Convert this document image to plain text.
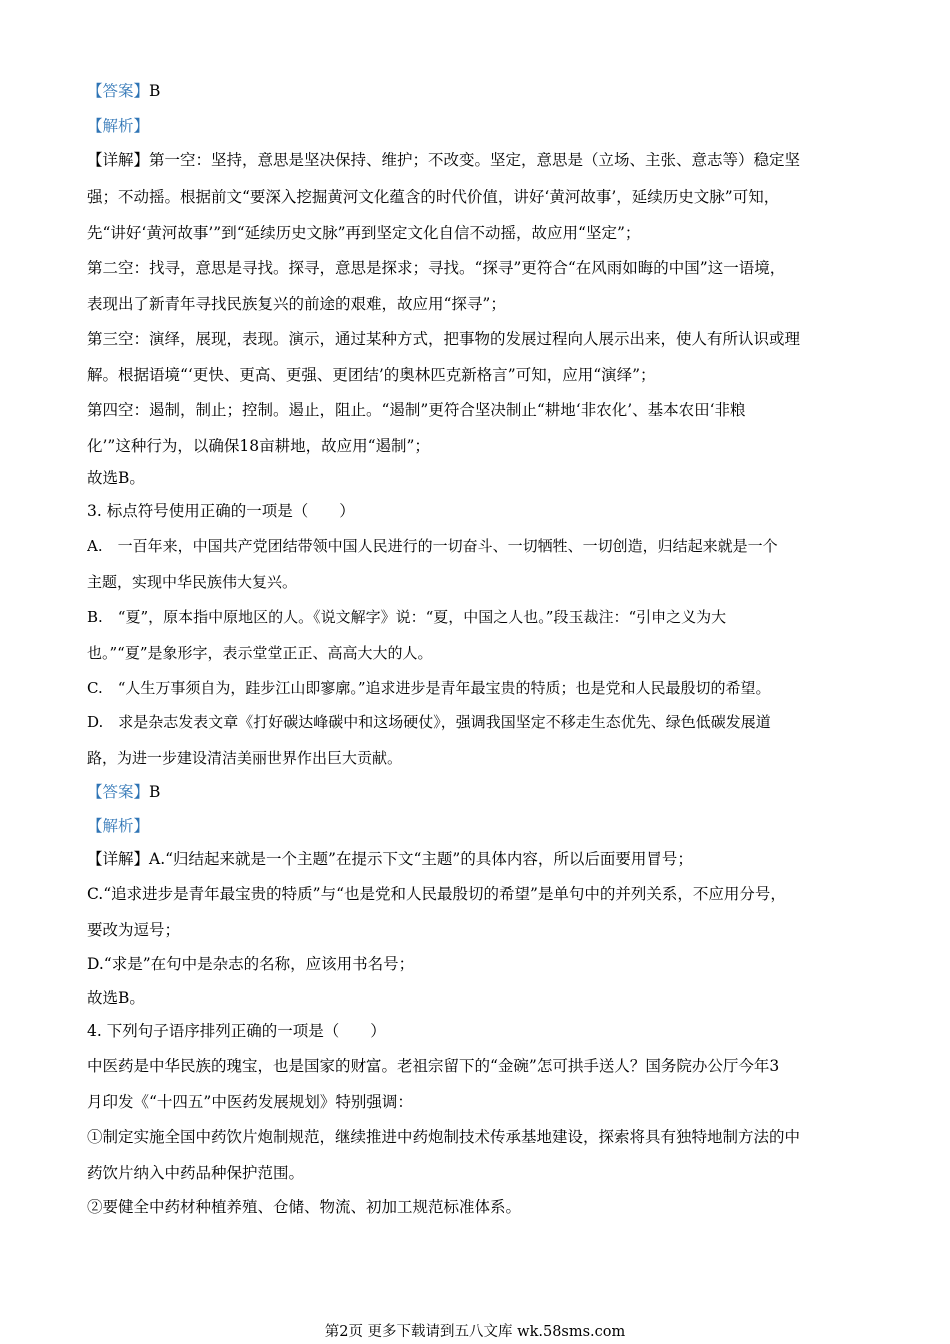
【答案】B
【解析】
【详解】第一空：坚持，意思是坚决保持、维护；不改变。坚定，意思是（立场、主张、意志等）稳定坚
强；不动摇。根据前文“要深入挖掘黄河文化蕴含的时代价值，讲好‘黄河故事’，延续历史文脉”可知，
先“讲好‘黄河故事’”到“延续历史文脉”再到坚定文化自信不动摇，故应用“坚定”；
第二空：找寻，意思是寻找。探寻，意思是探求；寻找。“探寻”更符合“在风雨如晦的中国”这一语境，
表现出了新青年寻找民族复兴的前途的艰难，故应用“探寻”；
第三空：演绎，展现，表现。演示，通过某种方式，把事物的发展过程向人展示出来，使人有所认识或理
解。根据语境“‘更快、更高、更强、更团结’的奥林匹克新格言”可知，应用“演绎”；
第四空：遏制，制止；控制。遏止，阻止。“遏制”更符合坚决制止“耕地‘非农化’、基本农田‘非粮
化’”这种行为，以确保18亩耕地，故应用“遏制”；
故选B。
3. 标点符号使用正确的一项是（　　）
A.　一百年来，中国共产党团结带领中国人民进行的一切奋斗、一切牺牲、一切创造，归结起来就是一个
主题，实现中华民族伟大复兴。
B.　“夏”，原本指中原地区的人。《说文解字》说：“夏，中国之人也。”段玉裁注：“引申之义为大
也。”“夏”是象形字，表示堂堂正正、高高大大的人。
C.　“人生万事须自为，跬步江山即寥廓。”追求进步是青年最宝贵的特质；也是党和人民最殷切的希望。
D.　求是杂志发表文章《打好碳达峰碳中和这场硬仗》，强调我国坚定不移走生态优先、绿色低碳发展道
路，为进一步建设清洁美丽世界作出巨大贡献。
【答案】B
【解析】
【详解】A.“归结起来就是一个主题”在提示下文“主题”的具体内容，所以后面要用冒号；
C.“追求进步是青年最宝贵的特质”与“也是党和人民最殷切的希望”是单句中的并列关系，不应用分号，
要改为逗号；
D.“求是”在句中是杂志的名称，应该用书名号；
故选B。
4. 下列句子语序排列正确的一项是（　　）
中医药是中华民族的瑰宝，也是国家的财富。老祖宗留下的“金碗”怎可拱手送人？国务院办公厅今年3
月印发《“十四五”中医药发展规划》特别强调：
①制定实施全国中药饮片炮制规范，继续推进中药炮制技术传承基地建设，探索将具有独特地制方法的中
药饮片纳入中药品种保护范围。
②要健全中药材种植养殖、仓储、物流、初加工规范标准体系。
第2页 更多下载请到五八文库 wk.58sms.com
